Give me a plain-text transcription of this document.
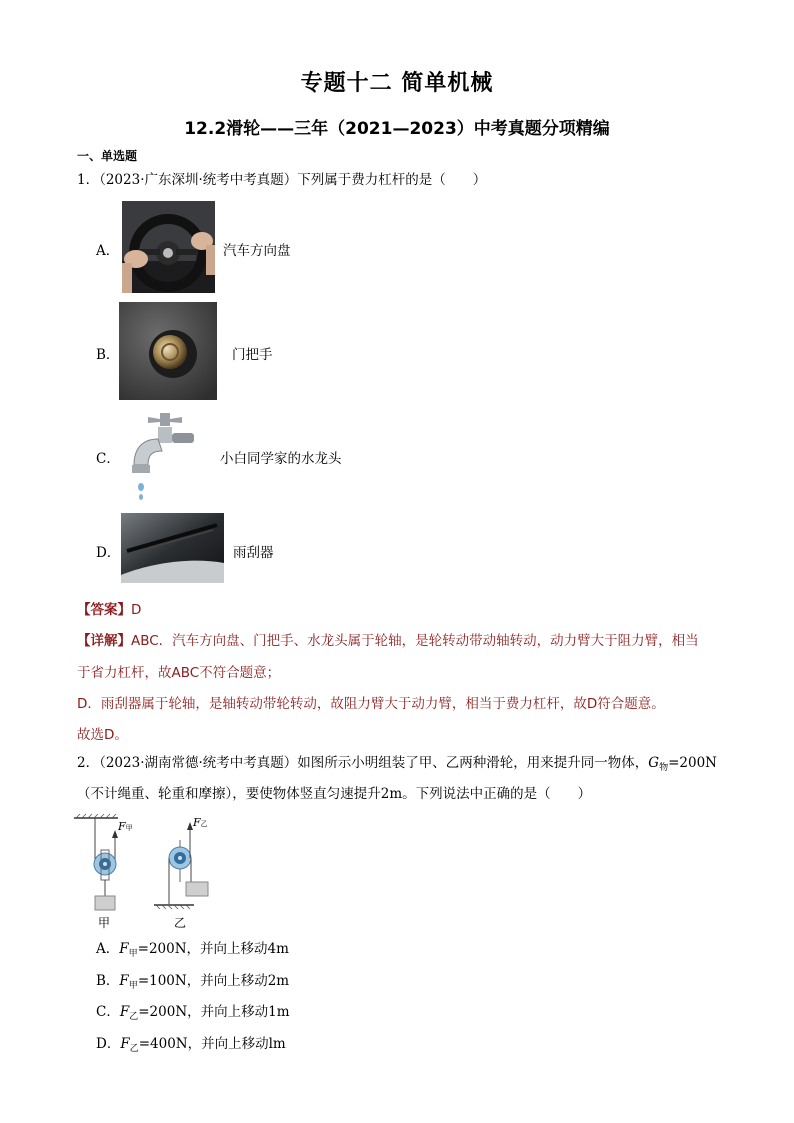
专题十二 简单机械
12.2滑轮——三年（2021—2023）中考真题分项精编
一、单选题
1．（2023·广东深圳·统考中考真题）下列属于费力杠杆的是（　　）
A．	汽车方向盘
B．	门把手
C．	小白同学家的水龙头
D．	雨刮器
【答案】D
【详解】ABC．汽车方向盘、门把手、水龙头属于轮轴，是轮转动带动轴转动，动力臂大于阻力臂，相当
于省力杠杆，故ABC不符合题意；
D．雨刮器属于轮轴，是轴转动带轮转动，故阻力臂大于动力臂，相当于费力杠杆，故D符合题意。
故选D。
2．（2023·湖南常德·统考中考真题）如图所示小明组装了甲、乙两种滑轮，用来提升同一物体，$G_物=200N$
（不计绳重、轮重和摩擦），要使物体竖直匀速提升2m。下列说法中正确的是（　　）
F甲	F乙
甲	乙
A．$F_甲=200N$，并向上移动4m
B．$F_甲=100N$，并向上移动2m
C．$F_乙=200N$，并向上移动1m
D．$F_乙=400N$，并向上移动lm
